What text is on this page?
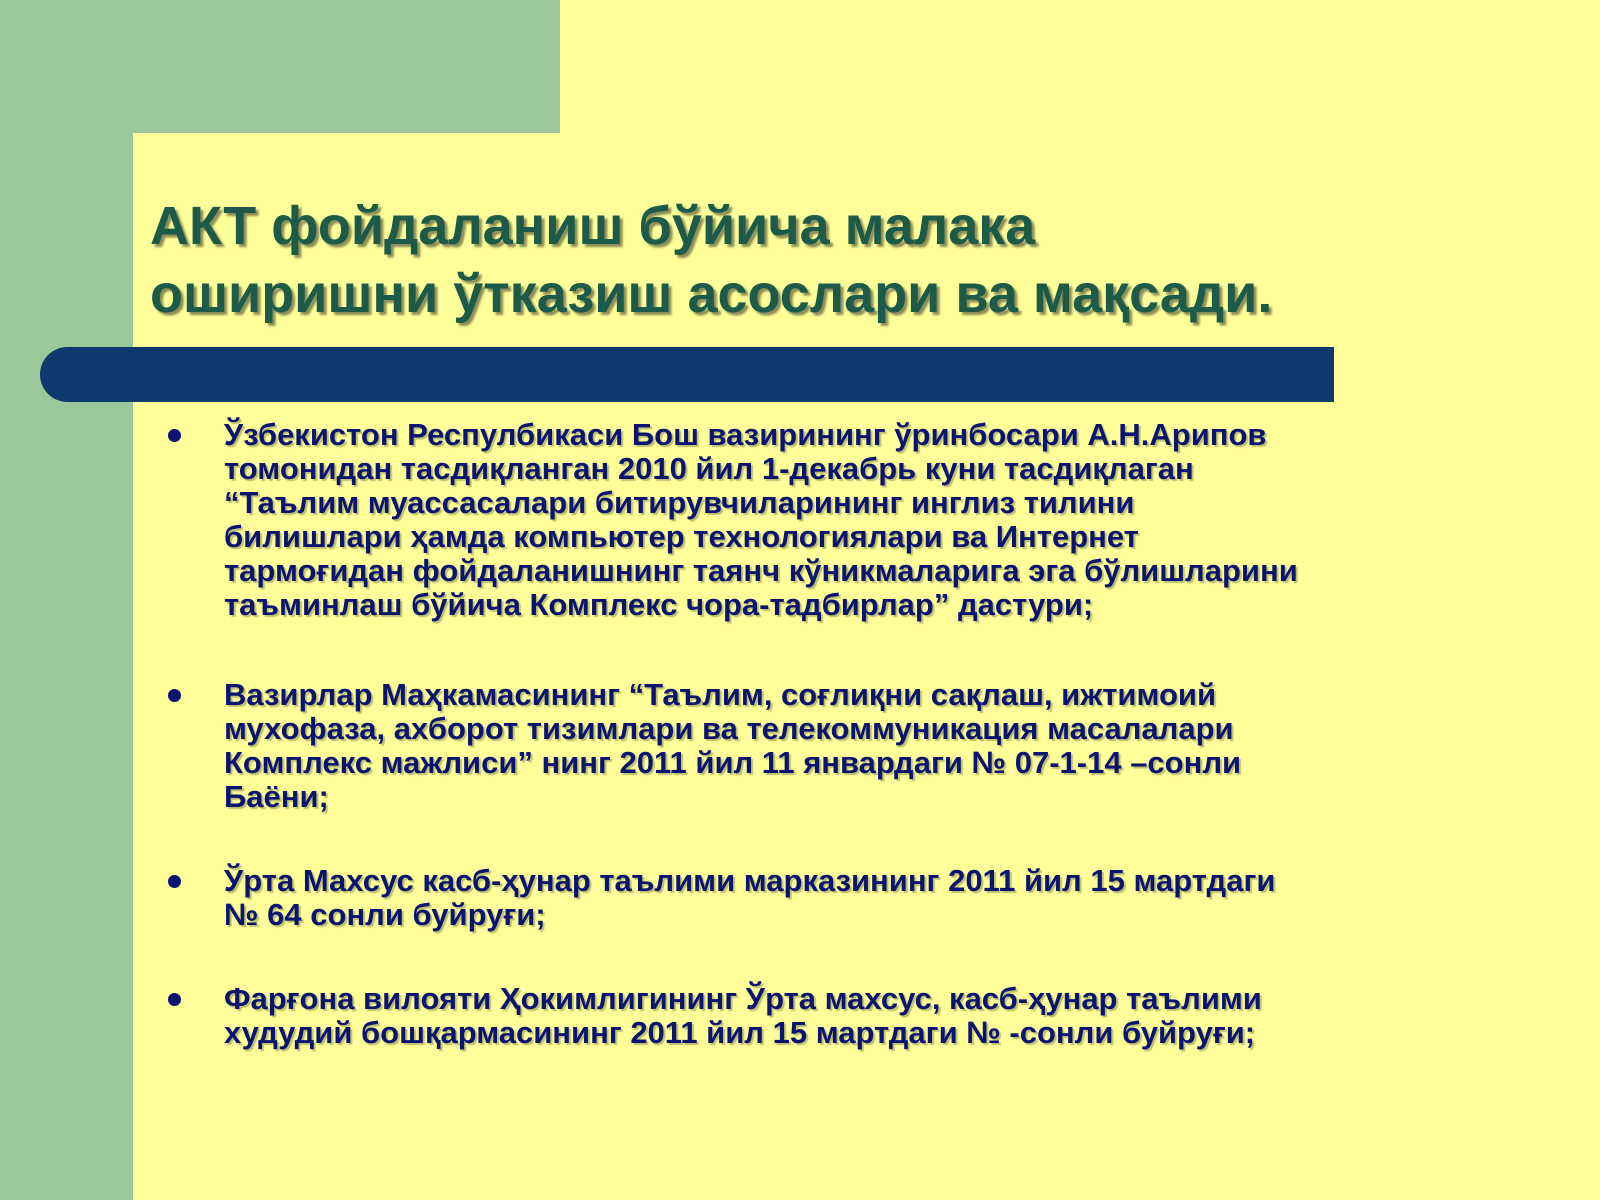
АКТ фойдаланиш бўйича малака
оширишни ўтказиш асослари ва мақсади.
Ўзбекистон Респулбикаси Бош вазирининг ўринбосари А.Н.Арипов
томонидан тасдиқланган 2010 йил 1-декабрь куни тасдиқлаган
“Таълим муассасалари битирувчиларининг инглиз тилини
билишлари ҳамда компьютер технологиялари ва Интернет
тармоғидан фойдаланишнинг таянч кўникмаларига эга бўлишларини
таъминлаш бўйича Комплекс чора-тадбирлар” дастури;
Вазирлар Маҳкамасининг “Таълим, соғлиқни сақлаш, ижтимоий
мухофаза, ахборот тизимлари ва телекоммуникация масалалари
Комплекс мажлиси” нинг 2011 йил 11 январдаги № 07-1-14 –сонли
Баёни;
Ўрта Махсус касб-ҳунар таълими марказининг 2011 йил 15 мартдаги
№ 64 сонли буйруғи;
Фарғона вилояти Ҳокимлигининг Ўрта махсус, касб-ҳунар таълими
худудий бошқармасининг 2011 йил 15 мартдаги № -сонли буйруғи;
